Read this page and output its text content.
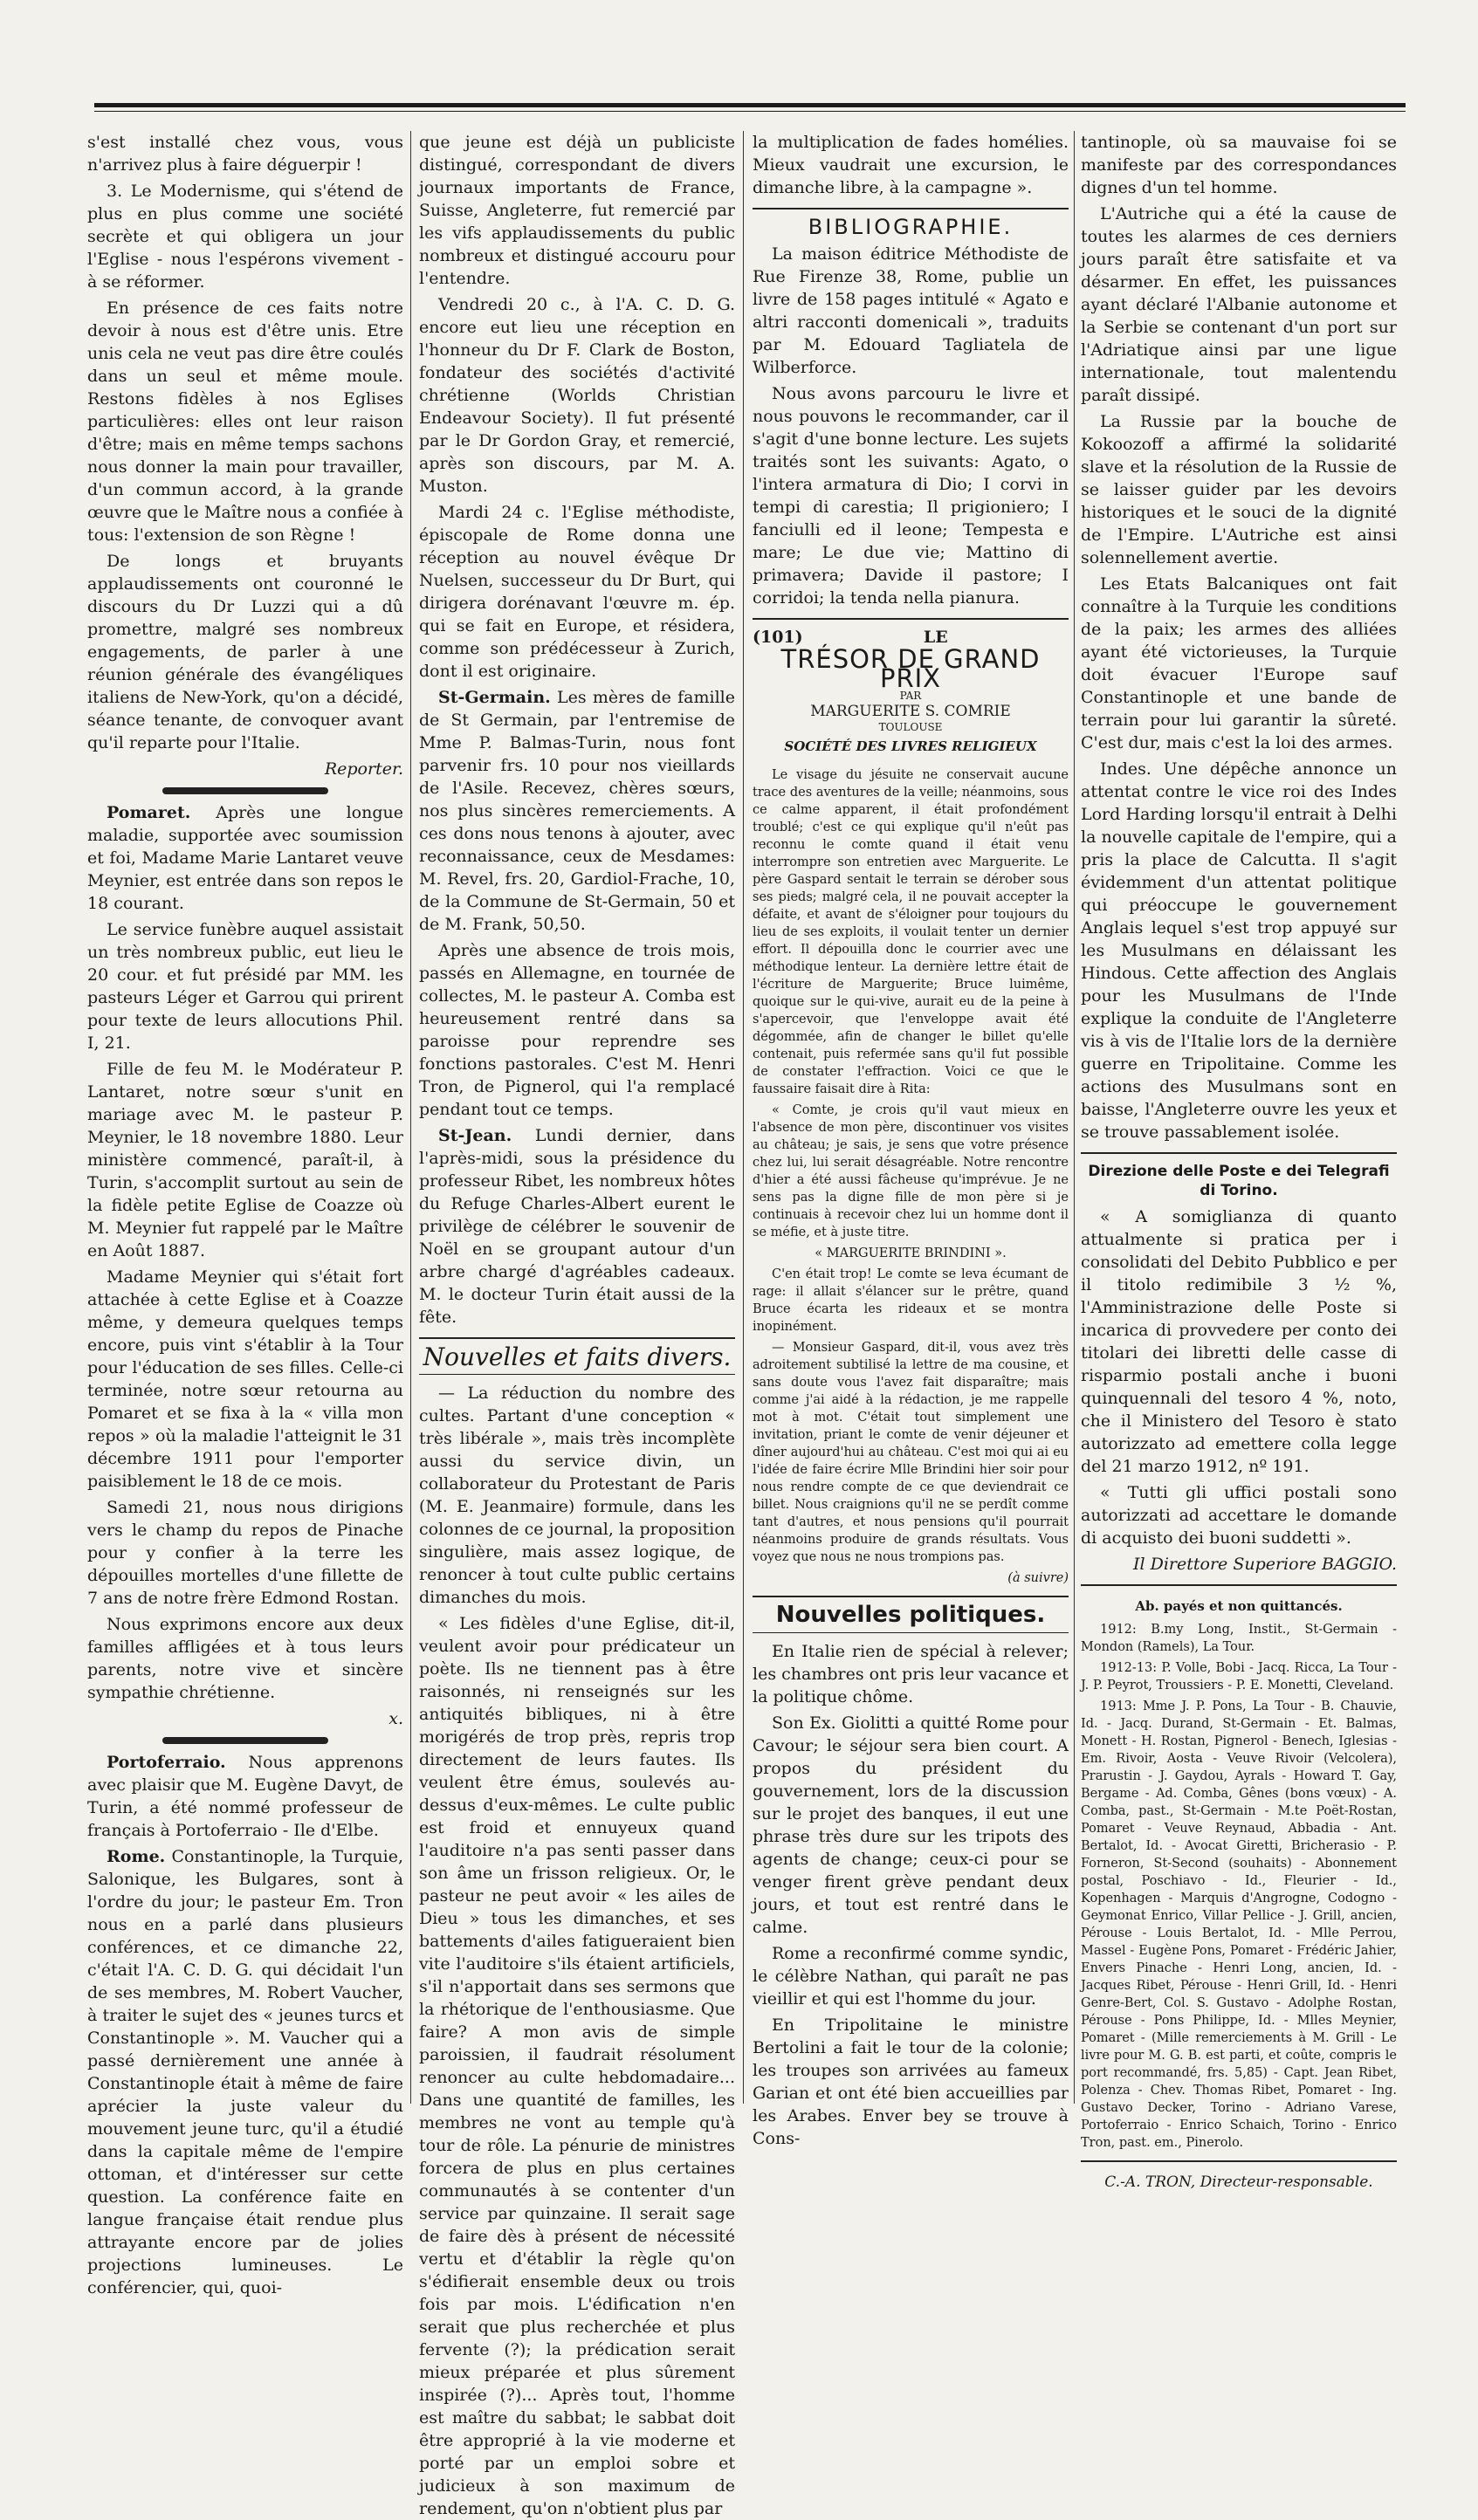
s'est installé chez vous, vous n'arrivez plus à faire déguerpir !

3. Le Modernisme, qui s'étend de plus en plus comme une société secrète et qui obligera un jour l'Eglise - nous l'espérons vivement - à se réformer.

En présence de ces faits notre devoir à nous est d'être unis. Etre unis cela ne veut pas dire être coulés dans un seul et même moule. Restons fidèles à nos Eglises particulières: elles ont leur raison d'être; mais en même temps sachons nous donner la main pour travailler, d'un commun accord, à la grande œuvre que le Maître nous a confiée à tous: l'extension de son Règne !

De longs et bruyants applaudissements ont couronné le discours du Dr Luzzi qui a dû promettre, malgré ses nombreux engagements, de parler à une réunion générale des évangéliques italiens de New-York, qu'on a décidé, séance tenante, de convoquer avant qu'il reparte pour l'Italie.

Reporter.

Pomaret. Après une longue maladie, supportée avec soumission et foi, Madame Marie Lantaret veuve Meynier, est entrée dans son repos le 18 courant.

Le service funèbre auquel assistait un très nombreux public, eut lieu le 20 cour. et fut présidé par MM. les pasteurs Léger et Garrou qui prirent pour texte de leurs allocutions Phil. I, 21.

Fille de feu M. le Modérateur P. Lantaret, notre sœur s'unit en mariage avec M. le pasteur P. Meynier, le 18 novembre 1880. Leur ministère commencé, paraît-il, à Turin, s'accomplit surtout au sein de la fidèle petite Eglise de Coazze où M. Meynier fut rappelé par le Maître en Août 1887.

Madame Meynier qui s'était fort attachée à cette Eglise et à Coazze même, y demeura quelques temps encore, puis vint s'établir à la Tour pour l'éducation de ses filles. Celle-ci terminée, notre sœur retourna au Pomaret et se fixa à la « villa mon repos » où la maladie l'atteignit le 31 décembre 1911 pour l'emporter paisiblement le 18 de ce mois.

Samedi 21, nous nous dirigions vers le champ du repos de Pinache pour y confier à la terre les dépouilles mortelles d'une fillette de 7 ans de notre frère Edmond Rostan.

Nous exprimons encore aux deux familles affligées et à tous leurs parents, notre vive et sincère sympathie chrétienne.

x.

Portoferraio. Nous apprenons avec plaisir que M. Eugène Davyt, de Turin, a été nommé professeur de français à Portoferraio - Ile d'Elbe.

Rome. Constantinople, la Turquie, Salonique, les Bulgares, sont à l'ordre du jour; le pasteur Em. Tron nous en a parlé dans plusieurs conférences, et ce dimanche 22, c'était l'A. C. D. G. qui décidait l'un de ses membres, M. Robert Vaucher, à traiter le sujet des « jeunes turcs et Constantinople ». M. Vaucher qui a passé dernièrement une année à Constantinople était à même de faire aprécier la juste valeur du mouvement jeune turc, qu'il a étudié dans la capitale même de l'empire ottoman, et d'intéresser sur cette question. La conférence faite en langue française était rendue plus attrayante encore par de jolies projections lumineuses. Le conférencier, qui, quoi-

que jeune est déjà un publiciste distingué, correspondant de divers journaux importants de France, Suisse, Angleterre, fut remercié par les vifs applaudissements du public nombreux et distingué accouru pour l'entendre.

Vendredi 20 c., à l'A. C. D. G. encore eut lieu une réception en l'honneur du Dr F. Clark de Boston, fondateur des sociétés d'activité chrétienne (Worlds Christian Endeavour Society). Il fut présenté par le Dr Gordon Gray, et remercié, après son discours, par M. A. Muston.

Mardi 24 c. l'Eglise méthodiste, épiscopale de Rome donna une réception au nouvel évêque Dr Nuelsen, successeur du Dr Burt, qui dirigera dorénavant l'œuvre m. ép. qui se fait en Europe, et résidera, comme son prédécesseur à Zurich, dont il est originaire.

St-Germain. Les mères de famille de St Germain, par l'entremise de Mme P. Balmas-Turin, nous font parvenir frs. 10 pour nos vieillards de l'Asile. Recevez, chères sœurs, nos plus sincères remerciements. A ces dons nous tenons à ajouter, avec reconnaissance, ceux de Mesdames: M. Revel, frs. 20, Gardiol-Frache, 10, de la Commune de St-Germain, 50 et de M. Frank, 50,50.

Après une absence de trois mois, passés en Allemagne, en tournée de collectes, M. le pasteur A. Comba est heureusement rentré dans sa paroisse pour reprendre ses fonctions pastorales. C'est M. Henri Tron, de Pignerol, qui l'a remplacé pendant tout ce temps.

St-Jean. Lundi dernier, dans l'après-midi, sous la présidence du professeur Ribet, les nombreux hôtes du Refuge Charles-Albert eurent le privilège de célébrer le souvenir de Noël en se groupant autour d'un arbre chargé d'agréables cadeaux. M. le docteur Turin était aussi de la fête.

Nouvelles et faits divers.

— La réduction du nombre des cultes. Partant d'une conception « très libérale », mais très incomplète aussi du service divin, un collaborateur du Protestant de Paris (M. E. Jeanmaire) formule, dans les colonnes de ce journal, la proposition singulière, mais assez logique, de renoncer à tout culte public certains dimanches du mois.

« Les fidèles d'une Eglise, dit-il, veulent avoir pour prédicateur un poète. Ils ne tiennent pas à être raisonnés, ni renseignés sur les antiquités bibliques, ni à être morigérés de trop près, repris trop directement de leurs fautes. Ils veulent être émus, soulevés au-dessus d'eux-mêmes. Le culte public est froid et ennuyeux quand l'auditoire n'a pas senti passer dans son âme un frisson religieux. Or, le pasteur ne peut avoir « les ailes de Dieu » tous les dimanches, et ses battements d'ailes fatigueraient bien vite l'auditoire s'ils étaient artificiels, s'il n'apportait dans ses sermons que la rhétorique de l'enthousiasme. Que faire? A mon avis de simple paroissien, il faudrait résolument renoncer au culte hebdomadaire... Dans une quantité de familles, les membres ne vont au temple qu'à tour de rôle. La pénurie de ministres forcera de plus en plus certaines communautés à se contenter d'un service par quinzaine. Il serait sage de faire dès à présent de nécessité vertu et d'établir la règle qu'on s'édifierait ensemble deux ou trois fois par mois. L'édification n'en serait que plus recherchée et plus fervente (?); la prédication serait mieux préparée et plus sûrement inspirée (?)... Après tout, l'homme est maître du sabbat; le sabbat doit être approprié à la vie moderne et porté par un emploi sobre et judicieux à son maximum de rendement, qu'on n'obtient plus par

la multiplication de fades homélies. Mieux vaudrait une excursion, le dimanche libre, à la campagne ».

BIBLIOGRAPHIE.

La maison éditrice Méthodiste de Rue Firenze 38, Rome, publie un livre de 158 pages intitulé « Agato e altri racconti domenicali », traduits par M. Edouard Tagliatela de Wilberforce.

Nous avons parcouru le livre et nous pouvons le recommander, car il s'agit d'une bonne lecture. Les sujets traités sont les suivants: Agato, o l'intera armatura di Dio; I corvi in tempi di carestia; Il prigioniero; I fanciulli ed il leone; Tempesta e mare; Le due vie; Mattino di primavera; Davide il pastore; I corridoi; la tenda nella pianura.

(101)	LE
TRÉSOR DE GRAND PRIX

PAR

MARGUERITE S. COMRIE

TOULOUSE

SOCIÉTÉ DES LIVRES RELIGIEUX

Le visage du jésuite ne conservait aucune trace des aventures de la veille; néanmoins, sous ce calme apparent, il était profondément troublé; c'est ce qui explique qu'il n'eût pas reconnu le comte quand il était venu interrompre son entretien avec Marguerite. Le père Gaspard sentait le terrain se dérober sous ses pieds; malgré cela, il ne pouvait accepter la défaite, et avant de s'éloigner pour toujours du lieu de ses exploits, il voulait tenter un dernier effort. Il dépouilla donc le courrier avec une méthodique lenteur. La dernière lettre était de l'écriture de Marguerite; Bruce luimême, quoique sur le qui-vive, aurait eu de la peine à s'apercevoir, que l'enveloppe avait été dégommée, afin de changer le billet qu'elle contenait, puis refermée sans qu'il fut possible de constater l'effraction. Voici ce que le faussaire faisait dire à Rita:

« Comte, je crois qu'il vaut mieux en l'absence de mon père, discontinuer vos visites au château; je sais, je sens que votre présence chez lui, lui serait désagréable. Notre rencontre d'hier a été aussi fâcheuse qu'imprévue. Je ne sens pas la digne fille de mon père si je continuais à recevoir chez lui un homme dont il se méfie, et à juste titre.

« MARGUERITE BRINDINI ».

C'en était trop! Le comte se leva écumant de rage: il allait s'élancer sur le prêtre, quand Bruce écarta les rideaux et se montra inopinément.

— Monsieur Gaspard, dit-il, vous avez très adroitement subtilisé la lettre de ma cousine, et sans doute vous l'avez fait disparaître; mais comme j'ai aidé à la rédaction, je me rappelle mot à mot. C'était tout simplement une invitation, priant le comte de venir déjeuner et dîner aujourd'hui au château. C'est moi qui ai eu l'idée de faire écrire Mlle Brindini hier soir pour nous rendre compte de ce que deviendrait ce billet. Nous craignions qu'il ne se perdît comme tant d'autres, et nous pensions qu'il pourrait néanmoins produire de grands résultats. Vous voyez que nous ne nous trompions pas.

(à suivre)

Nouvelles politiques.

En Italie rien de spécial à relever; les chambres ont pris leur vacance et la politique chôme.

Son Ex. Giolitti a quitté Rome pour Cavour; le séjour sera bien court. A propos du président du gouvernement, lors de la discussion sur le projet des banques, il eut une phrase très dure sur les tripots des agents de change; ceux-ci pour se venger firent grève pendant deux jours, et tout est rentré dans le calme.

Rome a reconfirmé comme syndic, le célèbre Nathan, qui paraît ne pas vieillir et qui est l'homme du jour.

En Tripolitaine le ministre Bertolini a fait le tour de la colonie; les troupes son arrivées au fameux Garian et ont été bien accueillies par les Arabes. Enver bey se trouve à Cons-

tantinople, où sa mauvaise foi se manifeste par des correspondances dignes d'un tel homme.

L'Autriche qui a été la cause de toutes les alarmes de ces derniers jours paraît être satisfaite et va désarmer. En effet, les puissances ayant déclaré l'Albanie autonome et la Serbie se contenant d'un port sur l'Adriatique ainsi par une ligue internationale, tout malentendu paraît dissipé.

La Russie par la bouche de Kokoozoff a affirmé la solidarité slave et la résolution de la Russie de se laisser guider par les devoirs historiques et le souci de la dignité de l'Empire. L'Autriche est ainsi solennellement avertie.

Les Etats Balcaniques ont fait connaître à la Turquie les conditions de la paix; les armes des alliées ayant été victorieuses, la Turquie doit évacuer l'Europe sauf Constantinople et une bande de terrain pour lui garantir la sûreté. C'est dur, mais c'est la loi des armes.

Indes. Une dépêche annonce un attentat contre le vice roi des Indes Lord Harding lorsqu'il entrait à Delhi la nouvelle capitale de l'empire, qui a pris la place de Calcutta. Il s'agit évidemment d'un attentat politique qui préoccupe le gouvernement Anglais lequel s'est trop appuyé sur les Musulmans en délaissant les Hindous. Cette affection des Anglais pour les Musulmans de l'Inde explique la conduite de l'Angleterre vis à vis de l'Italie lors de la dernière guerre en Tripolitaine. Comme les actions des Musulmans sont en baisse, l'Angleterre ouvre les yeux et se trouve passablement isolée.

Direzione delle Poste e dei Telegrafi di Torino.

« A somiglianza di quanto attualmente si pratica per i consolidati del Debito Pubblico e per il titolo redimibile 3 ½ %, l'Amministrazione delle Poste si incarica di provvedere per conto dei titolari dei libretti delle casse di risparmio postali anche i buoni quinquennali del tesoro 4 %, noto, che il Ministero del Tesoro è stato autorizzato ad emettere colla legge del 21 marzo 1912, nº 191.

« Tutti gli uffici postali sono autorizzati ad accettare le domande di acquisto dei buoni suddetti ».

Il Direttore Superiore BAGGIO.

Ab. payés et non quittancés.

1912: B.my Long, Instit., St-Germain - Mondon (Ramels), La Tour.

1912-13: P. Volle, Bobi - Jacq. Ricca, La Tour - J. P. Peyrot, Troussiers - P. E. Monetti, Cleveland.

1913: Mme J. P. Pons, La Tour - B. Chauvie, Id. - Jacq. Durand, St-Germain - Et. Balmas, Monett - H. Rostan, Pignerol - Benech, Iglesias - Em. Rivoir, Aosta - Veuve Rivoir (Velcolera), Prarustin - J. Gaydou, Ayrals - Howard T. Gay, Bergame - Ad. Comba, Gênes (bons vœux) - A. Comba, past., St-Germain - M.te Poët-Rostan, Pomaret - Veuve Reynaud, Abbadia - Ant. Bertalot, Id. - Avocat Giretti, Bricherasio - P. Forneron, St-Second (souhaits) - Abonnement postal, Poschiavo - Id., Fleurier - Id., Kopenhagen - Marquis d'Angrogne, Codogno - Geymonat Enrico, Villar Pellice - J. Grill, ancien, Pérouse - Louis Bertalot, Id. - Mlle Perrou, Massel - Eugène Pons, Pomaret - Frédéric Jahier, Envers Pinache - Henri Long, ancien, Id. - Jacques Ribet, Pérouse - Henri Grill, Id. - Henri Genre-Bert, Col. S. Gustavo - Adolphe Rostan, Pérouse - Pons Philippe, Id. - Mlles Meynier, Pomaret - (Mille remerciements à M. Grill - Le livre pour M. G. B. est parti, et coûte, compris le port recommandé, frs. 5,85) - Capt. Jean Ribet, Polenza - Chev. Thomas Ribet, Pomaret - Ing. Gustavo Decker, Torino - Adriano Varese, Portoferraio - Enrico Schaich, Torino - Enrico Tron, past. em., Pinerolo.

C.-A. TRON, Directeur-responsable.
